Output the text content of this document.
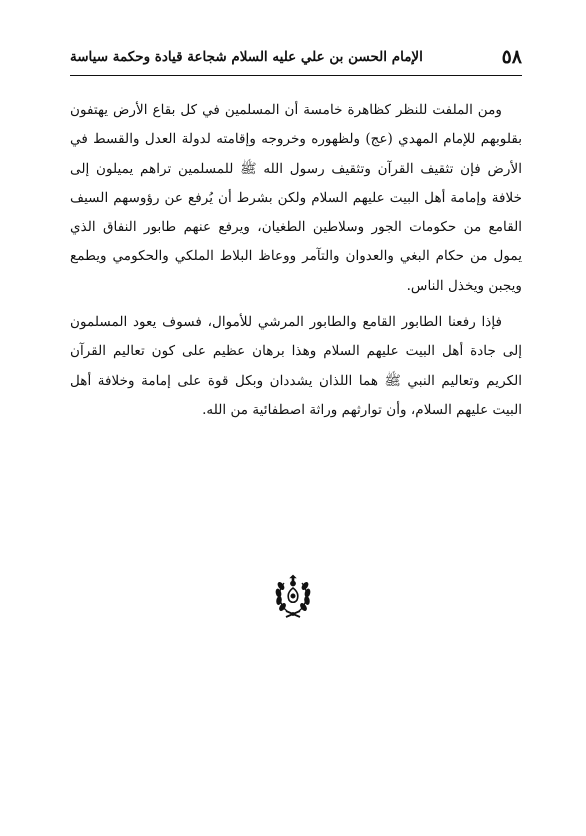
٥٨
الإمام الحسن بن علي عليه السلام شجاعة قيادة وحكمة سياسة

ومن الملفت للنظر كظاهرة خامسة أن المسلمين في كل بقاع الأرض يهتفون بقلوبهم للإمام المهدي (عج) ولظهوره وخروجه وإقامته لدولة العدل والقسط في الأرض فإن تثقيف القرآن وتثقيف رسول الله ﷺ للمسلمين تراهم يميلون إلى خلافة وإمامة أهل البيت عليهم السلام ولكن بشرط أن يُرفع عن رؤوسهم السيف القامع من حكومات الجور وسلاطين الطغيان، ويرفع عنهم طابور النفاق الذي يمول من حكام البغي والعدوان والتآمر ووعاظ البلاط الملكي والحكومي ويطمع ويجبن ويخذل الناس.

فإذا رفعنا الطابور القامع والطابور المرشي للأموال، فسوف يعود المسلمون إلى جادة أهل البيت عليهم السلام وهذا برهان عظيم على كون تعاليم القرآن الكريم وتعاليم النبي ﷺ هما اللذان يشددان وبكل قوة على إمامة وخلافة أهل البيت عليهم السلام، وأن توارثهم وراثة اصطفائية من الله.
